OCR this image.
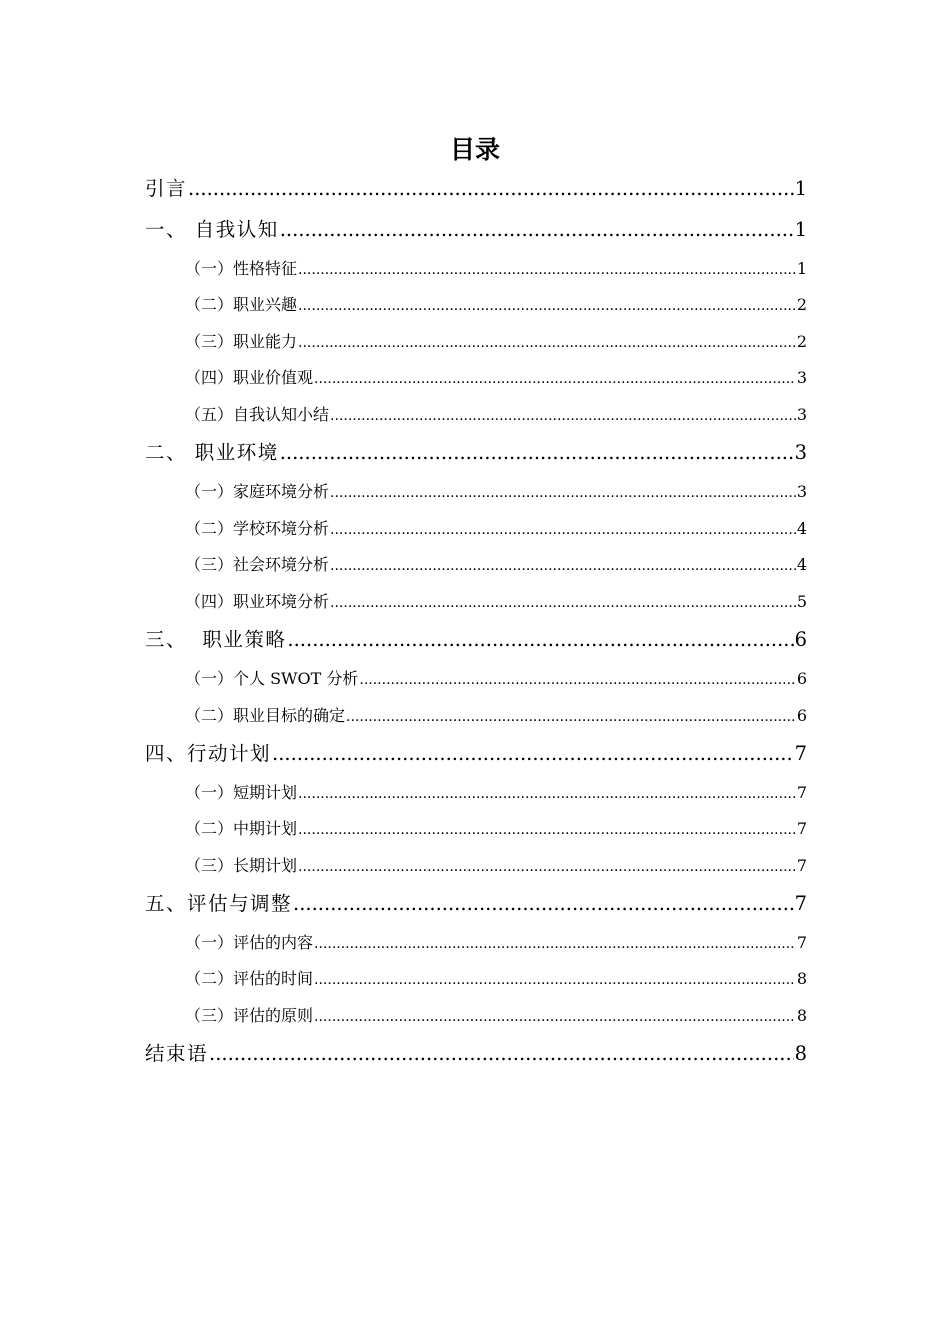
目录
引言 .....	1
一、 自我认知 .....	1
（一）性格特征 .....	1
（二）职业兴趣 .....	2
（三）职业能力 .....	2
（四）职业价值观 .....	3
（五）自我认知小结 .....	3
二、 职业环境 .....	3
（一）家庭环境分析 .....	3
（二）学校环境分析 .....	4
（三）社会环境分析 .....	4
（四）职业环境分析 .....	5
三、  职业策略 .....	6
（一）个人 SWOT 分析 .....	6
（二）职业目标的确定 .....	6
四、行动计划 .....	7
（一）短期计划 .....	7
（二）中期计划 .....	7
（三）长期计划 .....	7
五、评估与调整 .....	7
（一）评估的内容 .....	7
（二）评估的时间 .....	8
（三）评估的原则 .....	8
结束语 .....	8
